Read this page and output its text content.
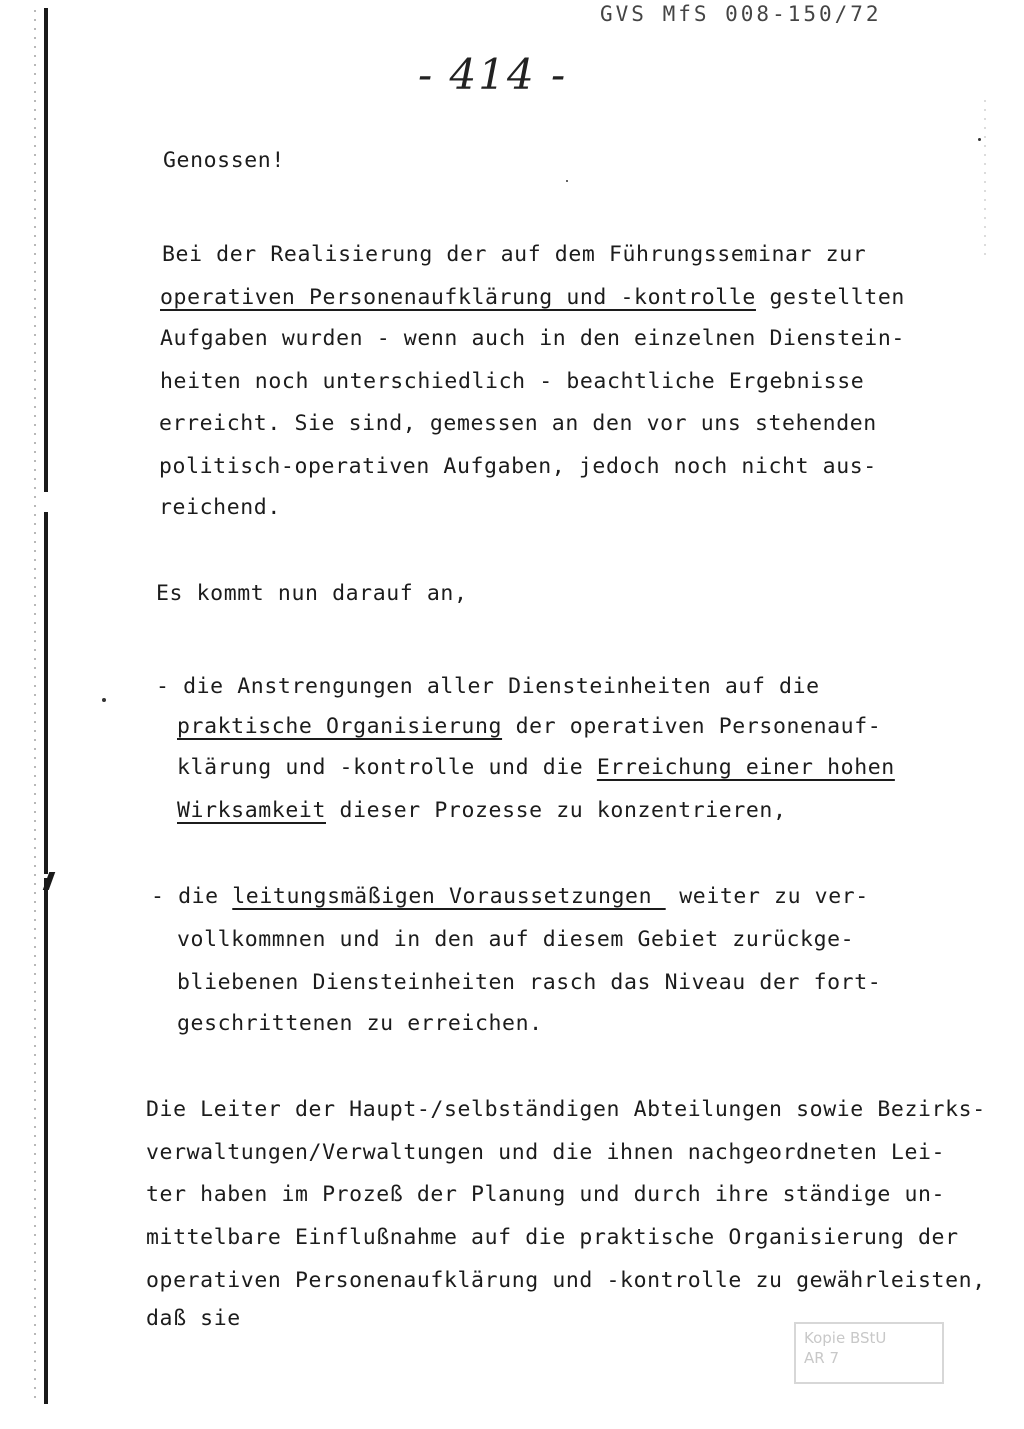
GVS MfS 008-150/72
- 414 -
Genossen!
Bei der Realisierung der auf dem Führungsseminar zur
operativen Personenaufklärung und -kontrolle gestellten
Aufgaben wurden - wenn auch in den einzelnen Dienstein-
heiten noch unterschiedlich - beachtliche Ergebnisse
erreicht. Sie sind, gemessen an den vor uns stehenden
politisch-operativen Aufgaben, jedoch noch nicht aus-
reichend.
Es kommt nun darauf an,
- die Anstrengungen aller Diensteinheiten auf die
praktische Organisierung der operativen Personenauf-
klärung und -kontrolle und die Erreichung einer hohen
Wirksamkeit dieser Prozesse zu konzentrieren,
- die leitungsmäßigen Voraussetzungen  weiter zu ver-
vollkommnen und in den auf diesem Gebiet zurückge-
bliebenen Diensteinheiten rasch das Niveau der fort-
geschrittenen zu erreichen.
Die Leiter der Haupt-/selbständigen Abteilungen sowie Bezirks-
verwaltungen/Verwaltungen und die ihnen nachgeordneten Lei-
ter haben im Prozeß der Planung und durch ihre ständige un-
mittelbare Einflußnahme auf die praktische Organisierung der
operativen Personenaufklärung und -kontrolle zu gewährleisten,
daß sie
Kopie BStU
AR 7
